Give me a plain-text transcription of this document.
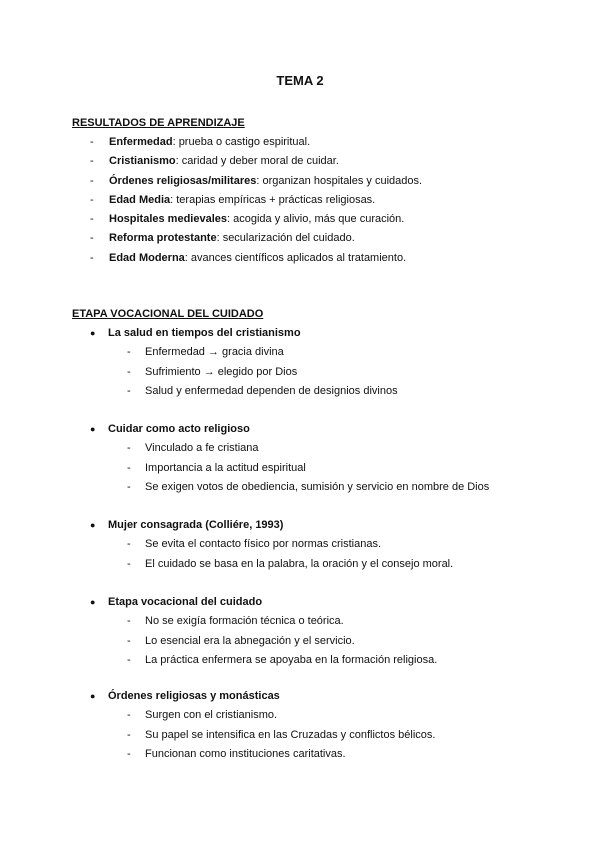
TEMA 2
RESULTADOS DE APRENDIZAJE
- Enfermedad: prueba o castigo espiritual.
- Cristianismo: caridad y deber moral de cuidar.
- Órdenes religiosas/militares: organizan hospitales y cuidados.
- Edad Media: terapias empíricas + prácticas religiosas.
- Hospitales medievales: acogida y alivio, más que curación.
- Reforma protestante: secularización del cuidado.
- Edad Moderna: avances científicos aplicados al tratamiento.
ETAPA VOCACIONAL DEL CUIDADO
● La salud en tiempos del cristianismo
- Enfermedad → gracia divina
- Sufrimiento → elegido por Dios
- Salud y enfermedad dependen de designios divinos
● Cuidar como acto religioso
- Vinculado a fe cristiana
- Importancia a la actitud espiritual
- Se exigen votos de obediencia, sumisión y servicio en nombre de Dios
● Mujer consagrada (Colliére, 1993)
- Se evita el contacto físico por normas cristianas.
- El cuidado se basa en la palabra, la oración y el consejo moral.
● Etapa vocacional del cuidado
- No se exigía formación técnica o teórica.
- Lo esencial era la abnegación y el servicio.
- La práctica enfermera se apoyaba en la formación religiosa.
● Órdenes religiosas y monásticas
- Surgen con el cristianismo.
- Su papel se intensifica en las Cruzadas y conflictos bélicos.
- Funcionan como instituciones caritativas.
